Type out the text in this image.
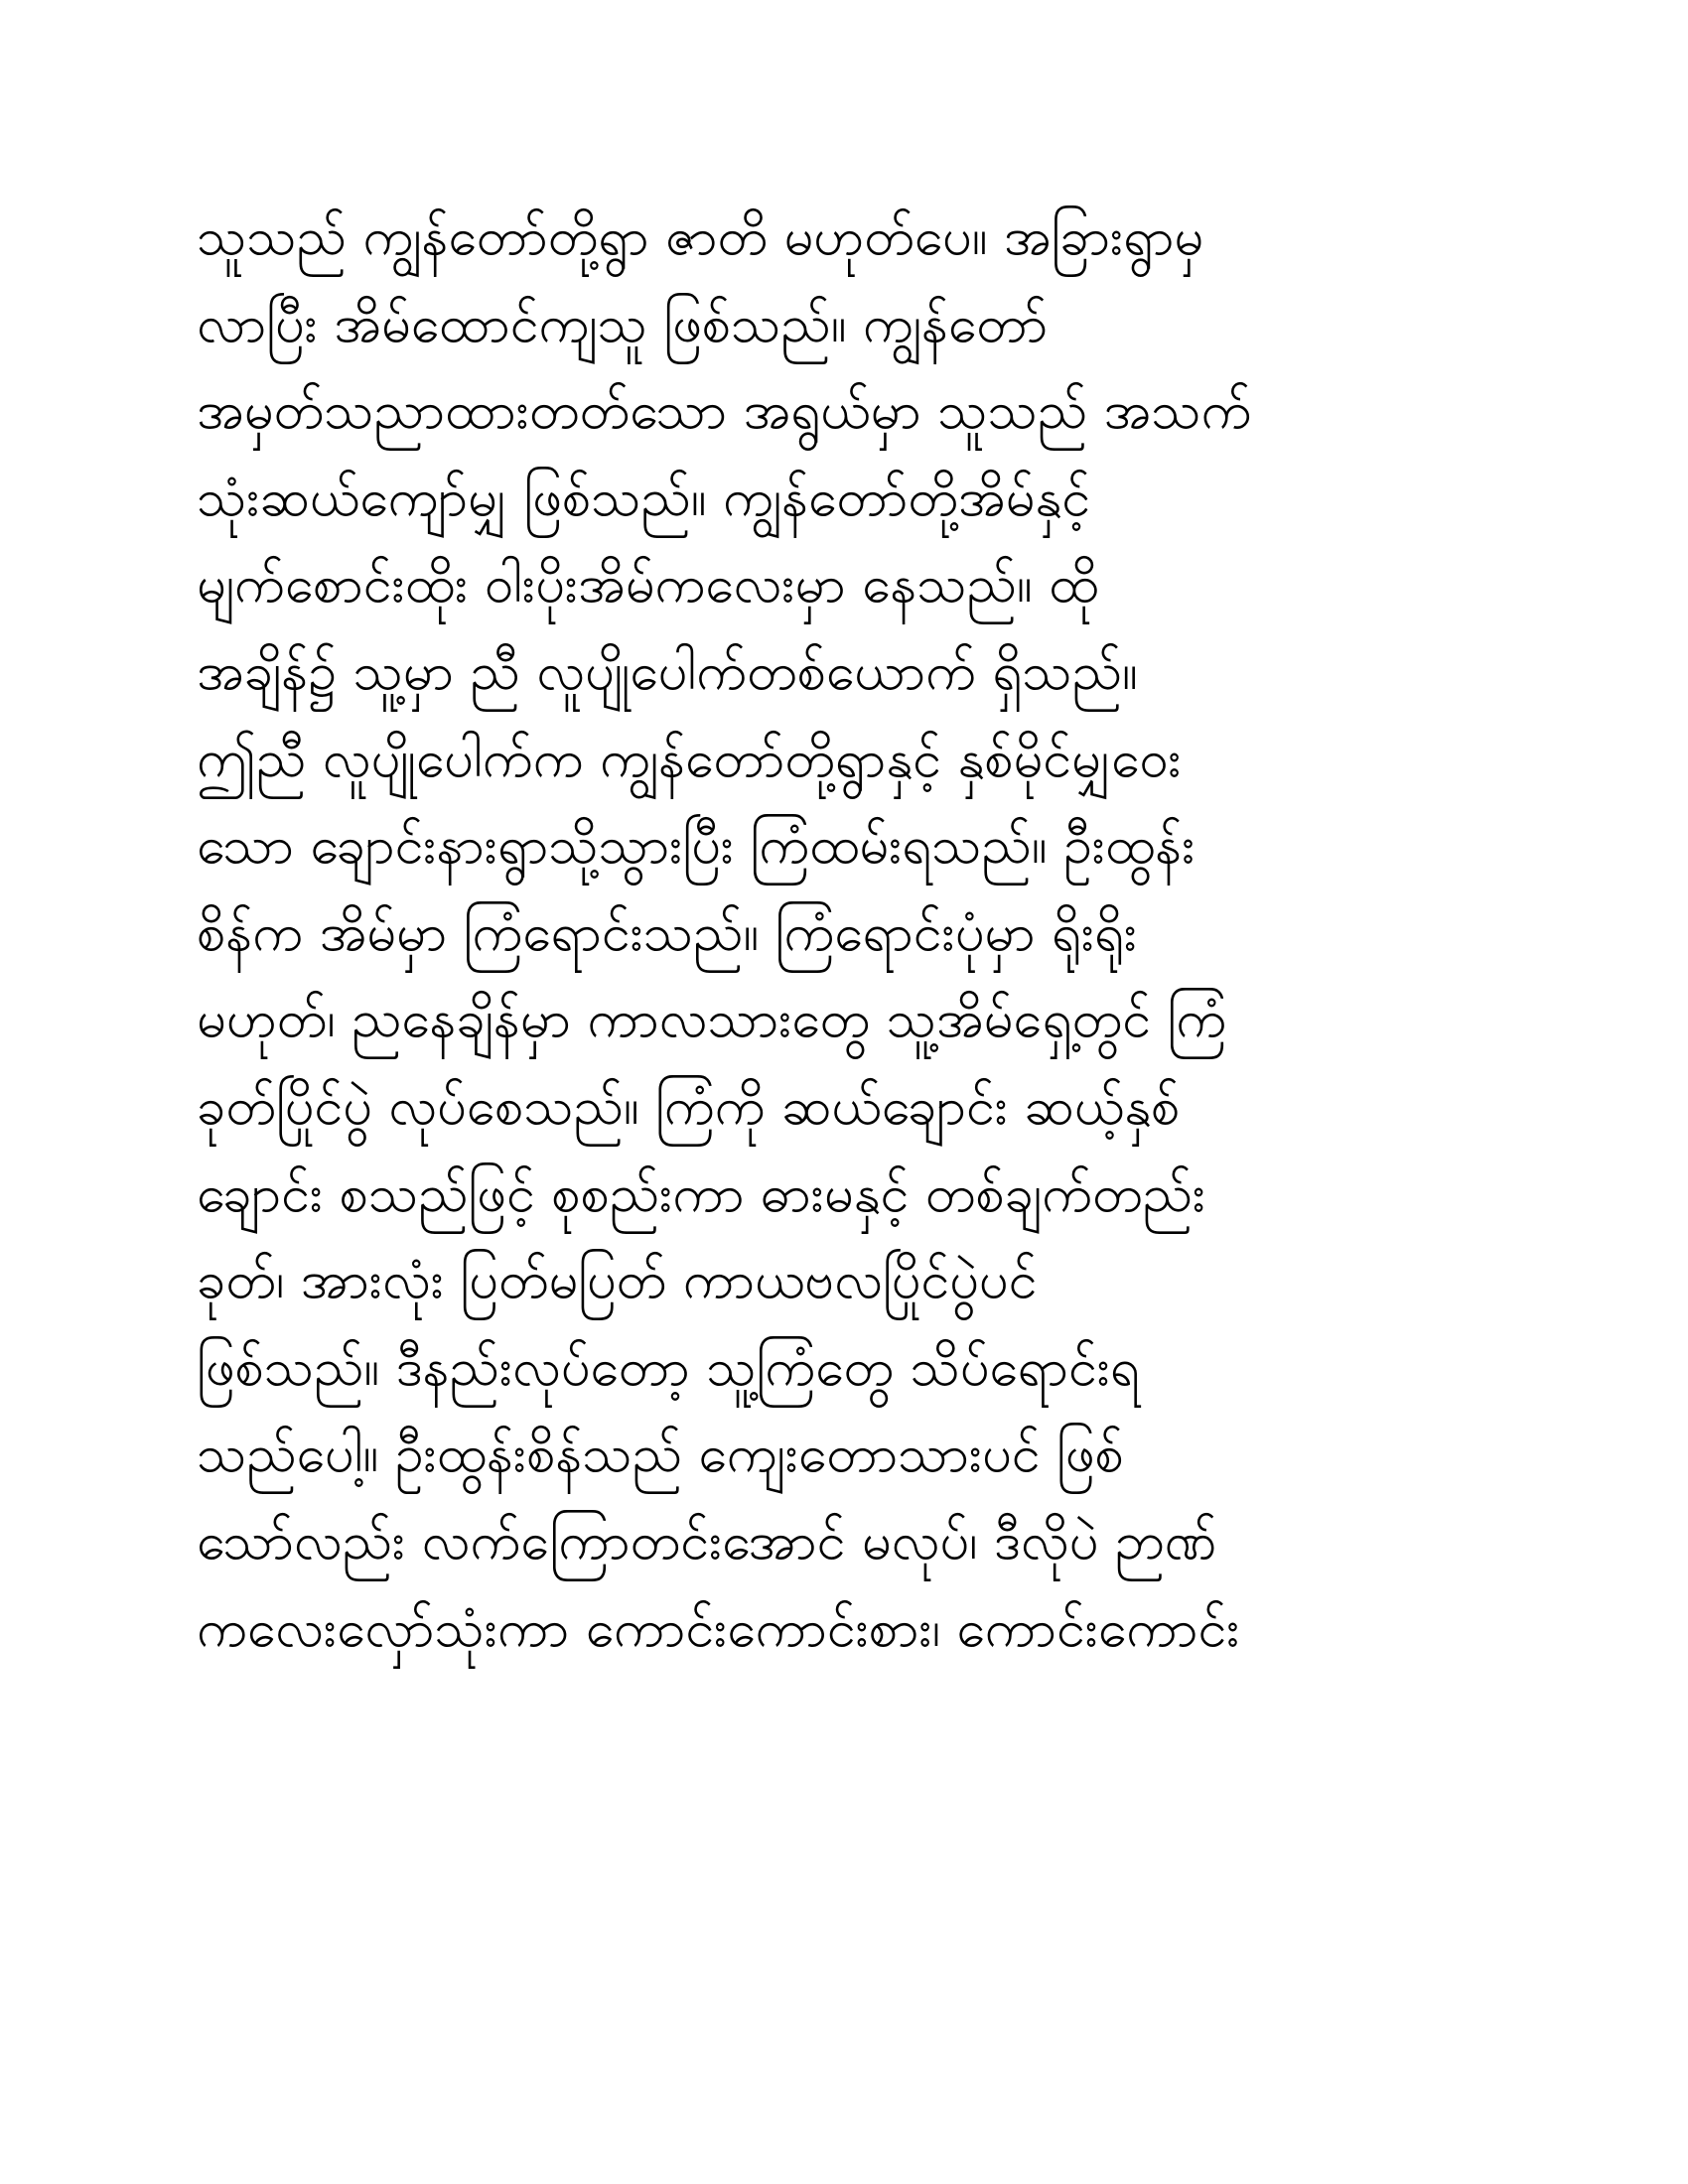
သူသည် ကျွန်တော်တို့ရွာ ဇာတိ မဟုတ်ပေ။ အခြားရွာမှ
လာပြီး အိမ်ထောင်ကျသူ ဖြစ်သည်။ ကျွန်တော်
အမှတ်သညာထားတတ်သော အရွယ်မှာ သူသည် အသက်
သုံးဆယ်ကျော်မျှ ဖြစ်သည်။ ကျွန်တော်တို့အိမ်နှင့်
မျက်စောင်းထိုး ဝါးပိုးအိမ်ကလေးမှာ နေသည်။ ထို
အချိန်၌ သူ့မှာ ညီ လူပျိုပေါက်တစ်ယောက် ရှိသည်။
ဤညီ လူပျိုပေါက်က ကျွန်တော်တို့ရွာနှင့် နှစ်မိုင်မျှဝေး
သော ချောင်းနားရွာသို့သွားပြီး ကြံထမ်းရသည်။ ဦးထွန်း
စိန်က အိမ်မှာ ကြံရောင်းသည်။ ကြံရောင်းပုံမှာ ရိုးရိုး
မဟုတ်၊ ညနေချိန်မှာ ကာလသားတွေ သူ့အိမ်ရှေ့တွင် ကြံ
ခုတ်ပြိုင်ပွဲ လုပ်စေသည်။ ကြံကို ဆယ်ချောင်း ဆယ့်နှစ်
ချောင်း စသည်ဖြင့် စုစည်းကာ ဓားမနှင့် တစ်ချက်တည်း
ခုတ်၊ အားလုံး ပြတ်မပြတ် ကာယဗလပြိုင်ပွဲပင်
ဖြစ်သည်။ ဒီနည်းလုပ်တော့ သူ့ကြံတွေ သိပ်ရောင်းရ
သည်ပေါ့။ ဦးထွန်းစိန်သည် ကျေးတောသားပင် ဖြစ်
သော်လည်း လက်ကြောတင်းအောင် မလုပ်၊ ဒီလိုပဲ ဉာဏ်
ကလေးလှော်သုံးကာ ကောင်းကောင်းစား၊ ကောင်းကောင်း
